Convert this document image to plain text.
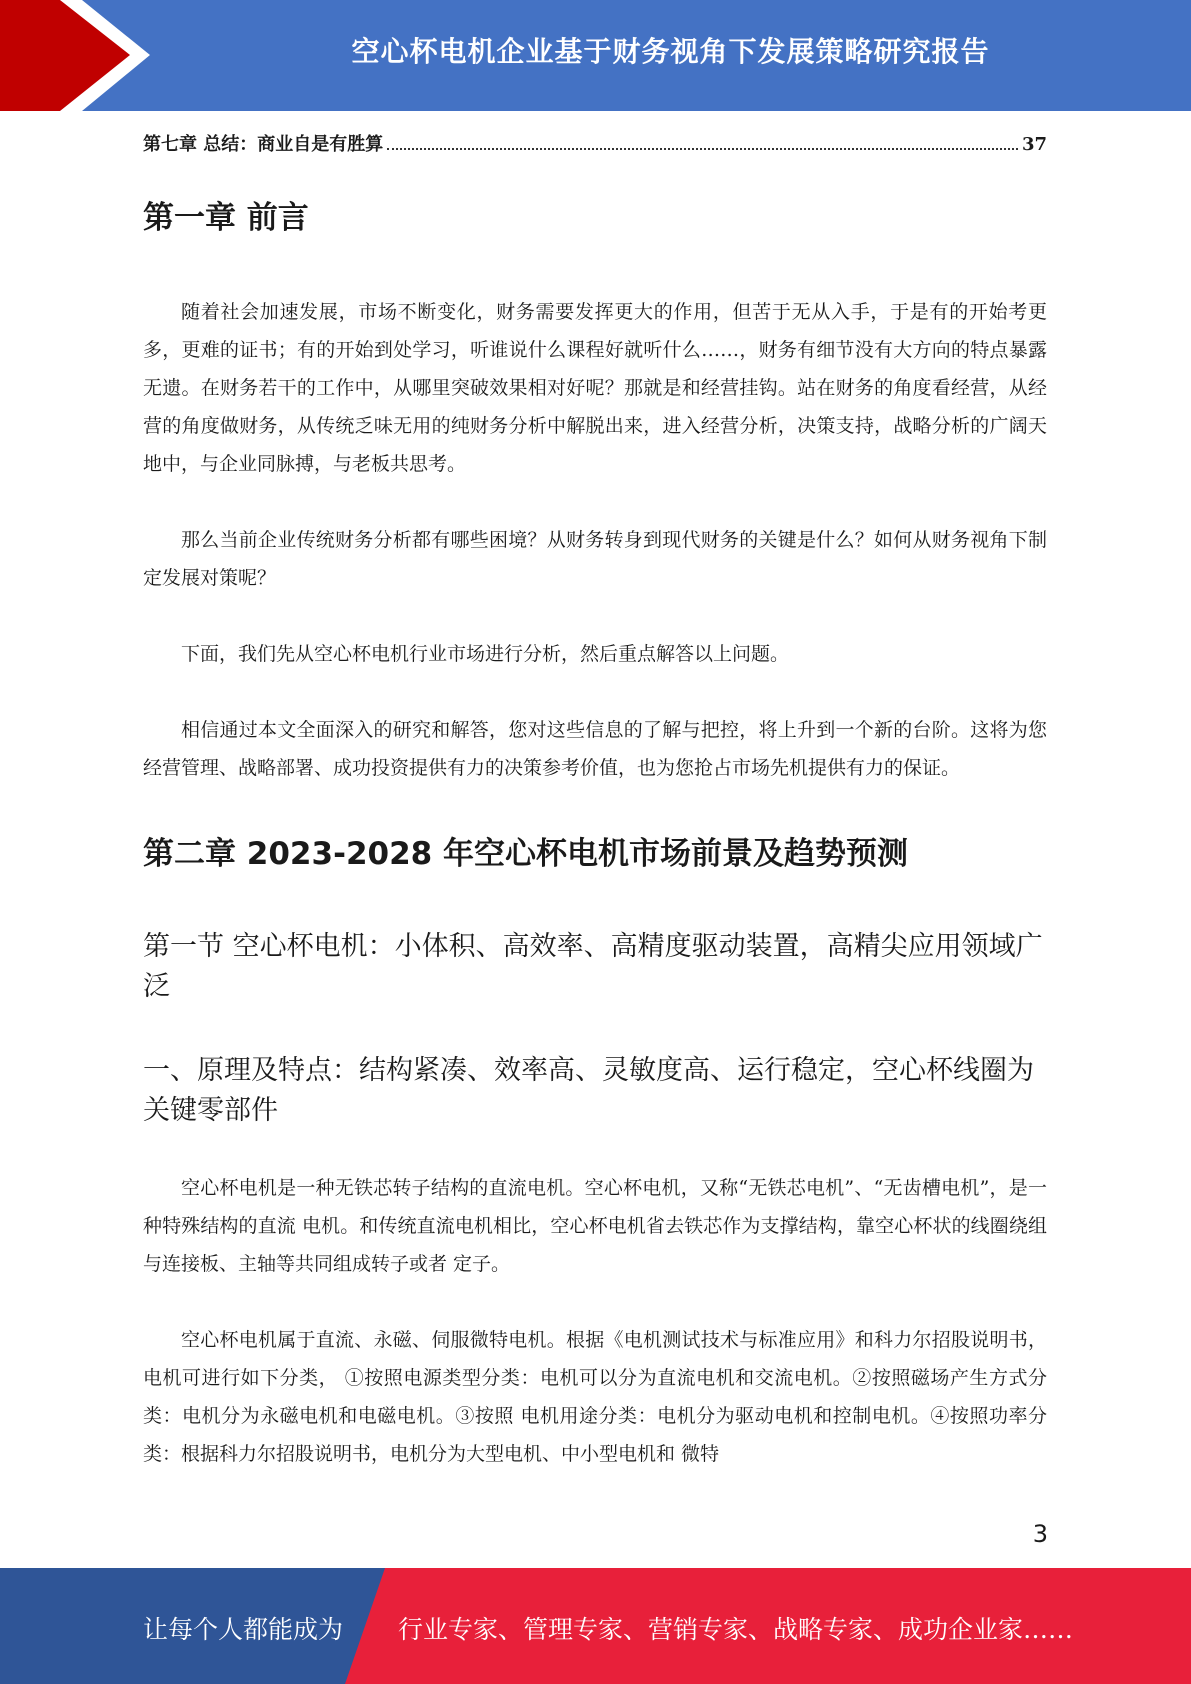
空心杯电机企业基于财务视角下发展策略研究报告
第七章 总结：商业自是有胜算	37
第一章 前言

随着社会加速发展，市场不断变化，财务需要发挥更大的作用，但苦于无从入手，于是有的开始考更多，更难的证书；有的开始到处学习，听谁说什么课程好就听什么……，财务有细节没有大方向的特点暴露无遗。在财务若干的工作中，从哪里突破效果相对好呢？那就是和经营挂钩。站在财务的角度看经营，从经营的角度做财务，从传统乏味无用的纯财务分析中解脱出来，进入经营分析，决策支持，战略分析的广阔天地中，与企业同脉搏，与老板共思考。

那么当前企业传统财务分析都有哪些困境？从财务转身到现代财务的关键是什么？如何从财务视角下制定发展对策呢？

下面，我们先从空心杯电机行业市场进行分析，然后重点解答以上问题。

相信通过本文全面深入的研究和解答，您对这些信息的了解与把控，将上升到一个新的台阶。这将为您经营管理、战略部署、成功投资提供有力的决策参考价值，也为您抢占市场先机提供有力的保证。

第二章 2023-2028 年空心杯电机市场前景及趋势预测
第一节 空心杯电机：小体积、高效率、高精度驱动装置，高精尖应用领域广泛
一、原理及特点：结构紧凑、效率高、灵敏度高、运行稳定，空心杯线圈为关键零部件

空心杯电机是一种无铁芯转子结构的直流电机。空心杯电机，又称“无铁芯电机”、“无齿槽电机”，是一种特殊结构的直流 电机。和传统直流电机相比，空心杯电机省去铁芯作为支撑结构，靠空心杯状的线圈绕组与连接板、主轴等共同组成转子或者 定子。

空心杯电机属于直流、永磁、伺服微特电机。根据《电机测试技术与标准应用》和科力尔招股说明书，电机可进行如下分类， ①按照电源类型分类：电机可以分为直流电机和交流电机。②按照磁场产生方式分类：电机分为永磁电机和电磁电机。③按照 电机用途分类：电机分为驱动电机和控制电机。④按照功率分类：根据科力尔招股说明书，电机分为大型电机、中小型电机和 微特

3
让每个人都能成为 行业专家、管理专家、营销专家、战略专家、成功企业家……
